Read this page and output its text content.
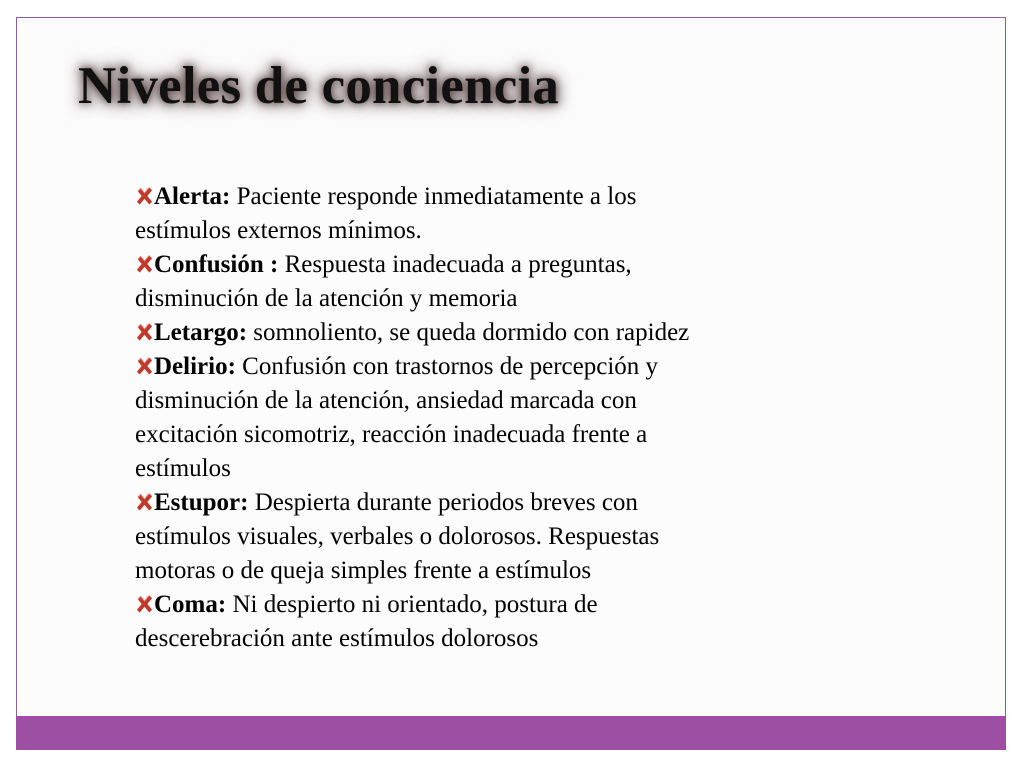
Niveles de conciencia

Alerta: Paciente responde inmediatamente a los
estímulos externos mínimos.

Confusión : Respuesta inadecuada a preguntas,
disminución de la atención y memoria

Letargo: somnoliento, se queda dormido con rapidez

Delirio: Confusión con trastornos de percepción y
disminución de la atención, ansiedad marcada con
excitación sicomotriz, reacción inadecuada frente a
estímulos

Estupor: Despierta durante periodos breves con
estímulos visuales, verbales o dolorosos. Respuestas
motoras o de queja simples frente a estímulos

Coma: Ni despierto ni orientado, postura de
descerebración ante estímulos dolorosos
